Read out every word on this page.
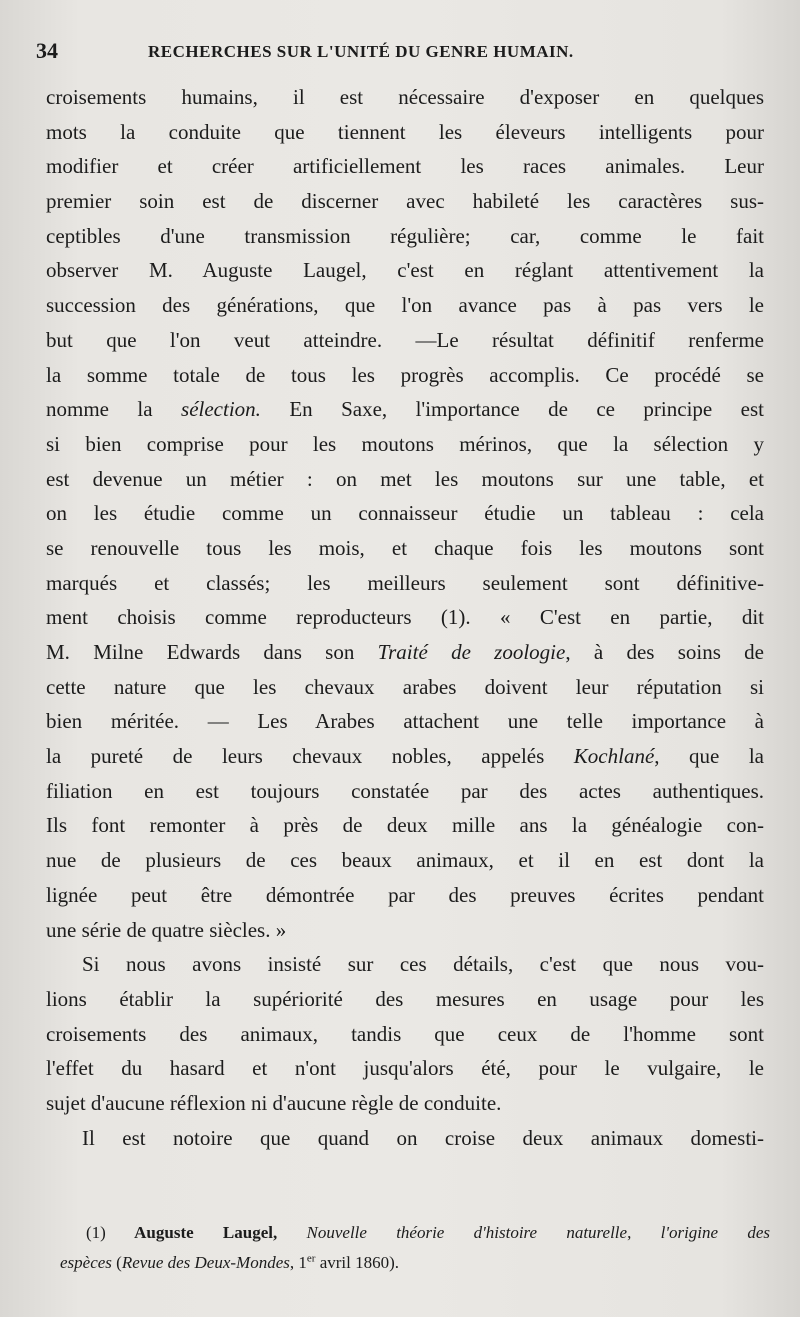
34	RECHERCHES SUR L'UNITÉ DU GENRE HUMAIN.
croisements humains, il est nécessaire d'exposer en quelques
mots la conduite que tiennent les éleveurs intelligents pour
modifier et créer artificiellement les races animales. Leur
premier soin est de discerner avec habileté les caractères sus-
ceptibles d'une transmission régulière; car, comme le fait
observer M. Auguste Laugel, c'est en réglant attentivement la
succession des générations, que l'on avance pas à pas vers le
but que l'on veut atteindre. —Le résultat définitif renferme
la somme totale de tous les progrès accomplis. Ce procédé se
nomme la sélection. En Saxe, l'importance de ce principe est
si bien comprise pour les moutons mérinos, que la sélection y
est devenue un métier : on met les moutons sur une table, et
on les étudie comme un connaisseur étudie un tableau : cela
se renouvelle tous les mois, et chaque fois les moutons sont
marqués et classés; les meilleurs seulement sont définitive-
ment choisis comme reproducteurs (1). « C'est en partie, dit
M. Milne Edwards dans son Traité de zoologie, à des soins de
cette nature que les chevaux arabes doivent leur réputation si
bien méritée. — Les Arabes attachent une telle importance à
la pureté de leurs chevaux nobles, appelés Kochlané, que la
filiation en est toujours constatée par des actes authentiques.
Ils font remonter à près de deux mille ans la généalogie con-
nue de plusieurs de ces beaux animaux, et il en est dont la
lignée peut être démontrée par des preuves écrites pendant
une série de quatre siècles. »
Si nous avons insisté sur ces détails, c'est que nous vou-
lions établir la supériorité des mesures en usage pour les
croisements des animaux, tandis que ceux de l'homme sont
l'effet du hasard et n'ont jusqu'alors été, pour le vulgaire, le
sujet d'aucune réflexion ni d'aucune règle de conduite.
Il est notoire que quand on croise deux animaux domesti-
(1) Auguste Laugel, Nouvelle théorie d'histoire naturelle, l'origine des
espèces (Revue des Deux-Mondes, 1er avril 1860).
